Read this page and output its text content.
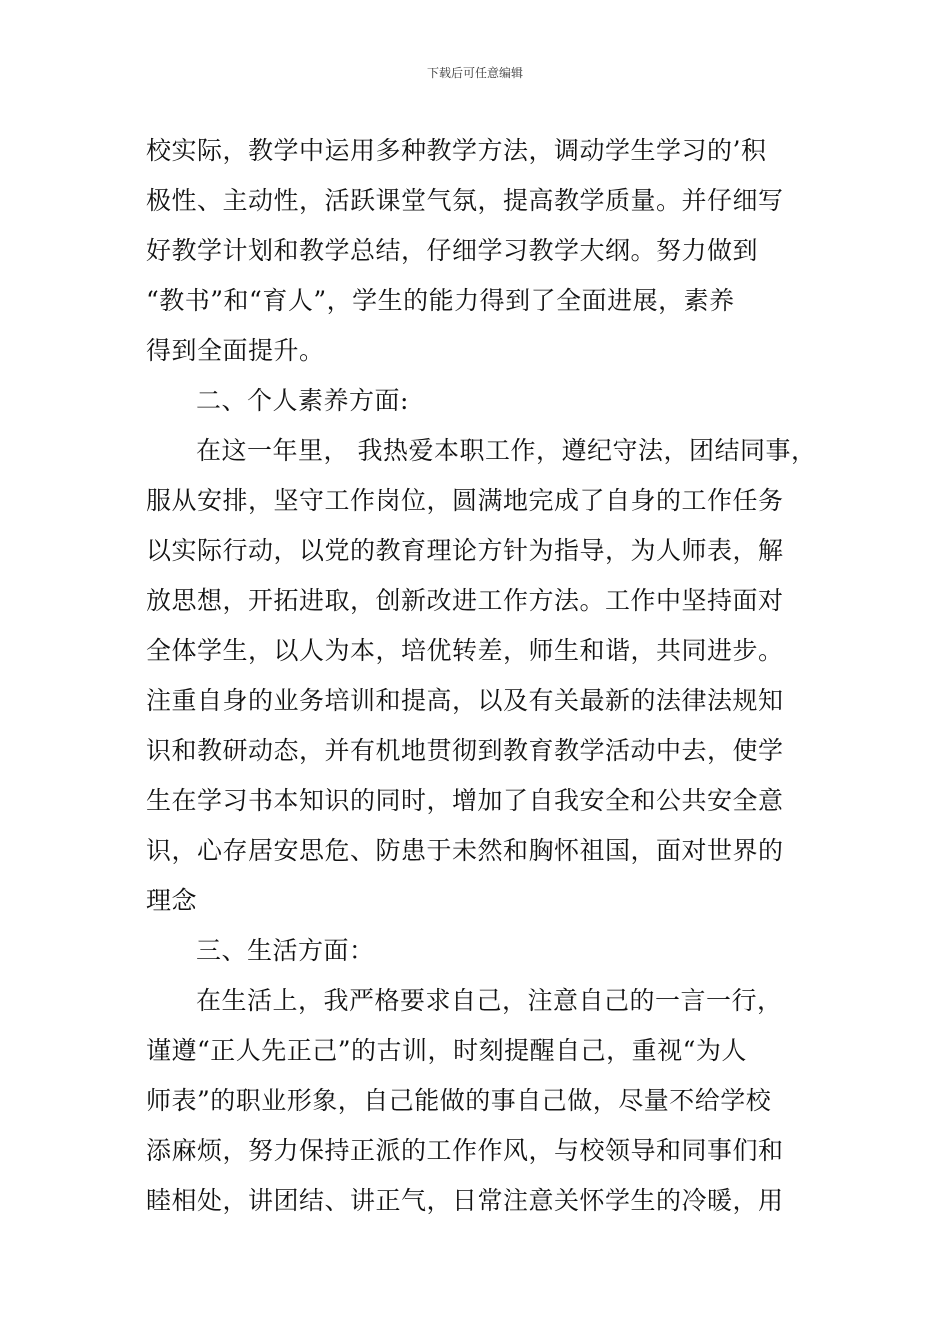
下载后可任意编辑
校实际，教学中运用多种教学方法，调动学生学习的’积
极性、主动性，活跃课堂气氛，提高教学质量。并仔细写
好教学计划和教学总结，仔细学习教学大纲。努力做到
“教书”和“育人”，学生的能力得到了全面进展，素养
得到全面提升。
二、个人素养方面:
在这一年里， 我热爱本职工作，遵纪守法，团结同事，
服从安排，坚守工作岗位，圆满地完成了自身的工作任务
以实际行动，以党的教育理论方针为指导，为人师表，解
放思想，开拓进取，创新改进工作方法。工作中坚持面对
全体学生，以人为本，培优转差，师生和谐，共同进步。
注重自身的业务培训和提高，以及有关最新的法律法规知
识和教研动态，并有机地贯彻到教育教学活动中去，使学
生在学习书本知识的同时，增加了自我安全和公共安全意
识，心存居安思危、防患于未然和胸怀祖国，面对世界的
理念
三、生活方面：
在生活上，我严格要求自己，注意自己的一言一行，
谨遵“正人先正己”的古训，时刻提醒自己，重视“为人
师表”的职业形象，自己能做的事自己做，尽量不给学校
添麻烦，努力保持正派的工作作风，与校领导和同事们和
睦相处，讲团结、讲正气，日常注意关怀学生的冷暖，用
